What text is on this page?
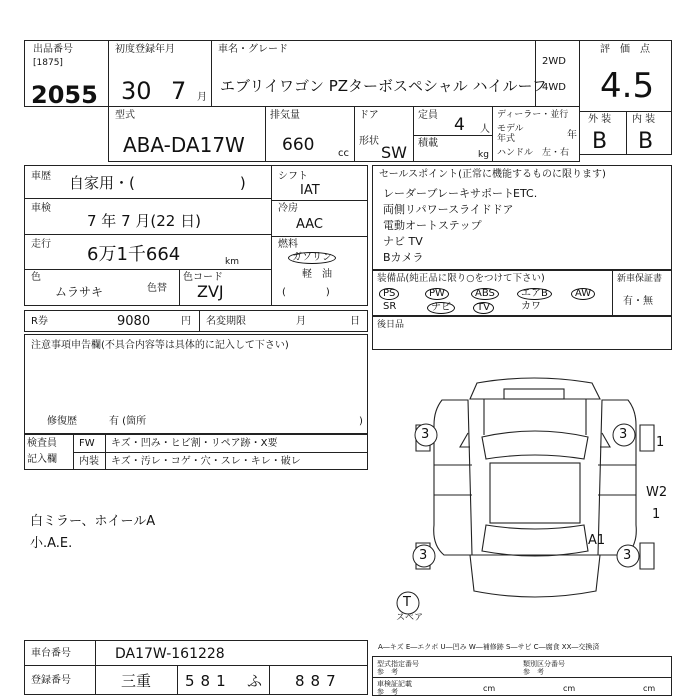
出品番号
[1875]
2055
初度登録年月
30 7 月
車名・グレード
エブリイワゴン PZターボスペシャル ハイルーフ
2WD
4WD
評　価　点
4.5
外 装 内 装
B B
型式
ABA-DA17W
排気量
660 cc
ドア
形状
SW
定員 4 人
積載
kg
ディーラー・並行
モデル
年式	年
ハンドル　左・右
車歴 自家用・(　　　　　　　)
車検
7 年 7 月(22 日)
走行 6万1千664	km
色
ムラサキ	色替
色コード
ZVJ
シフト
IAT
冷房
AAC
燃料
ガソリン
軽　油
(　　　　)
R券	9080	円 名変期限	月	日
注意事項申告欄(不具合内容等は具体的に記入して下さい)
修復歴	有 (箇所	)
検査員
記入欄
FW キズ・凹み・ヒビ割・リペア跡・X要
内装 キズ・汚レ・コゲ・穴・スレ・キレ・破レ
白ミラー、ホイールA
小.A.E.
セールスポイント(正常に機能するものに限ります)
レーダーブレーキサポート
ETC.
両側リパワースライドドア
電動オートステップ
ナビ TV
Bカメラ
装備品(純正品に限り○をつけて下さい)
PS	PW	ABS	エアB	AW
SR	ナビ	TV	カワ
新車保証書
有・無
後日品
3	3
3	3
T
スペア
1
W2
1
A1
A―キズ E―エクボ U―凹み W―補修跡 S―サビ C―腐食 XX―交換済
車台番号	DA17W-161228
登録番号	三重 581 ふ 887
型式指定番号
参　考
類別区分番号
参　考
車検証記載
参　考	cm	cm	cm
